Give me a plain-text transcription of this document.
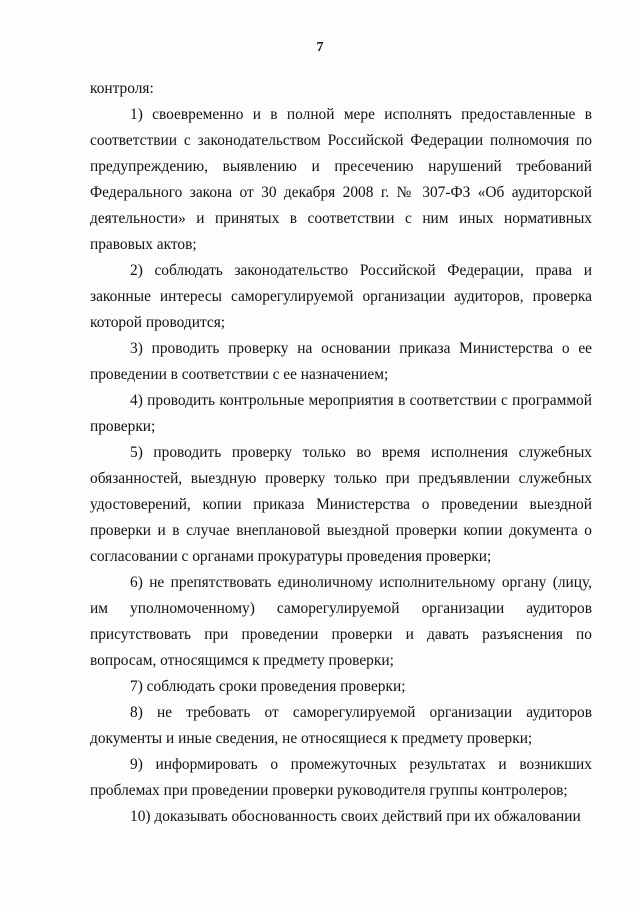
7

контроля:

1) своевременно и в полной мере исполнять предоставленные в соответствии с законодательством Российской Федерации полномочия по предупреждению, выявлению и пресечению нарушений требований Федерального закона от 30 декабря 2008 г. № 307-ФЗ «Об аудиторской деятельности» и принятых в соответствии с ним иных нормативных правовых актов;

2) соблюдать законодательство Российской Федерации, права и законные интересы саморегулируемой организации аудиторов, проверка которой проводится;

3) проводить проверку на основании приказа Министерства о ее проведении в соответствии с ее назначением;

4) проводить контрольные мероприятия в соответствии с программой проверки;

5) проводить проверку только во время исполнения служебных обязанностей, выездную проверку только при предъявлении служебных удостоверений, копии приказа Министерства о проведении выездной проверки и в случае внеплановой выездной проверки копии документа о согласовании с органами прокуратуры проведения проверки;

6) не препятствовать единоличному исполнительному органу (лицу, им уполномоченному) саморегулируемой организации аудиторов присутствовать при проведении проверки и давать разъяснения по вопросам, относящимся к предмету проверки;

7) соблюдать сроки проведения проверки;

8) не требовать от саморегулируемой организации аудиторов документы и иные сведения, не относящиеся к предмету проверки;

9) информировать о промежуточных результатах и возникших проблемах при проведении проверки руководителя группы контролеров;

10) доказывать обоснованность своих действий при их обжаловании
